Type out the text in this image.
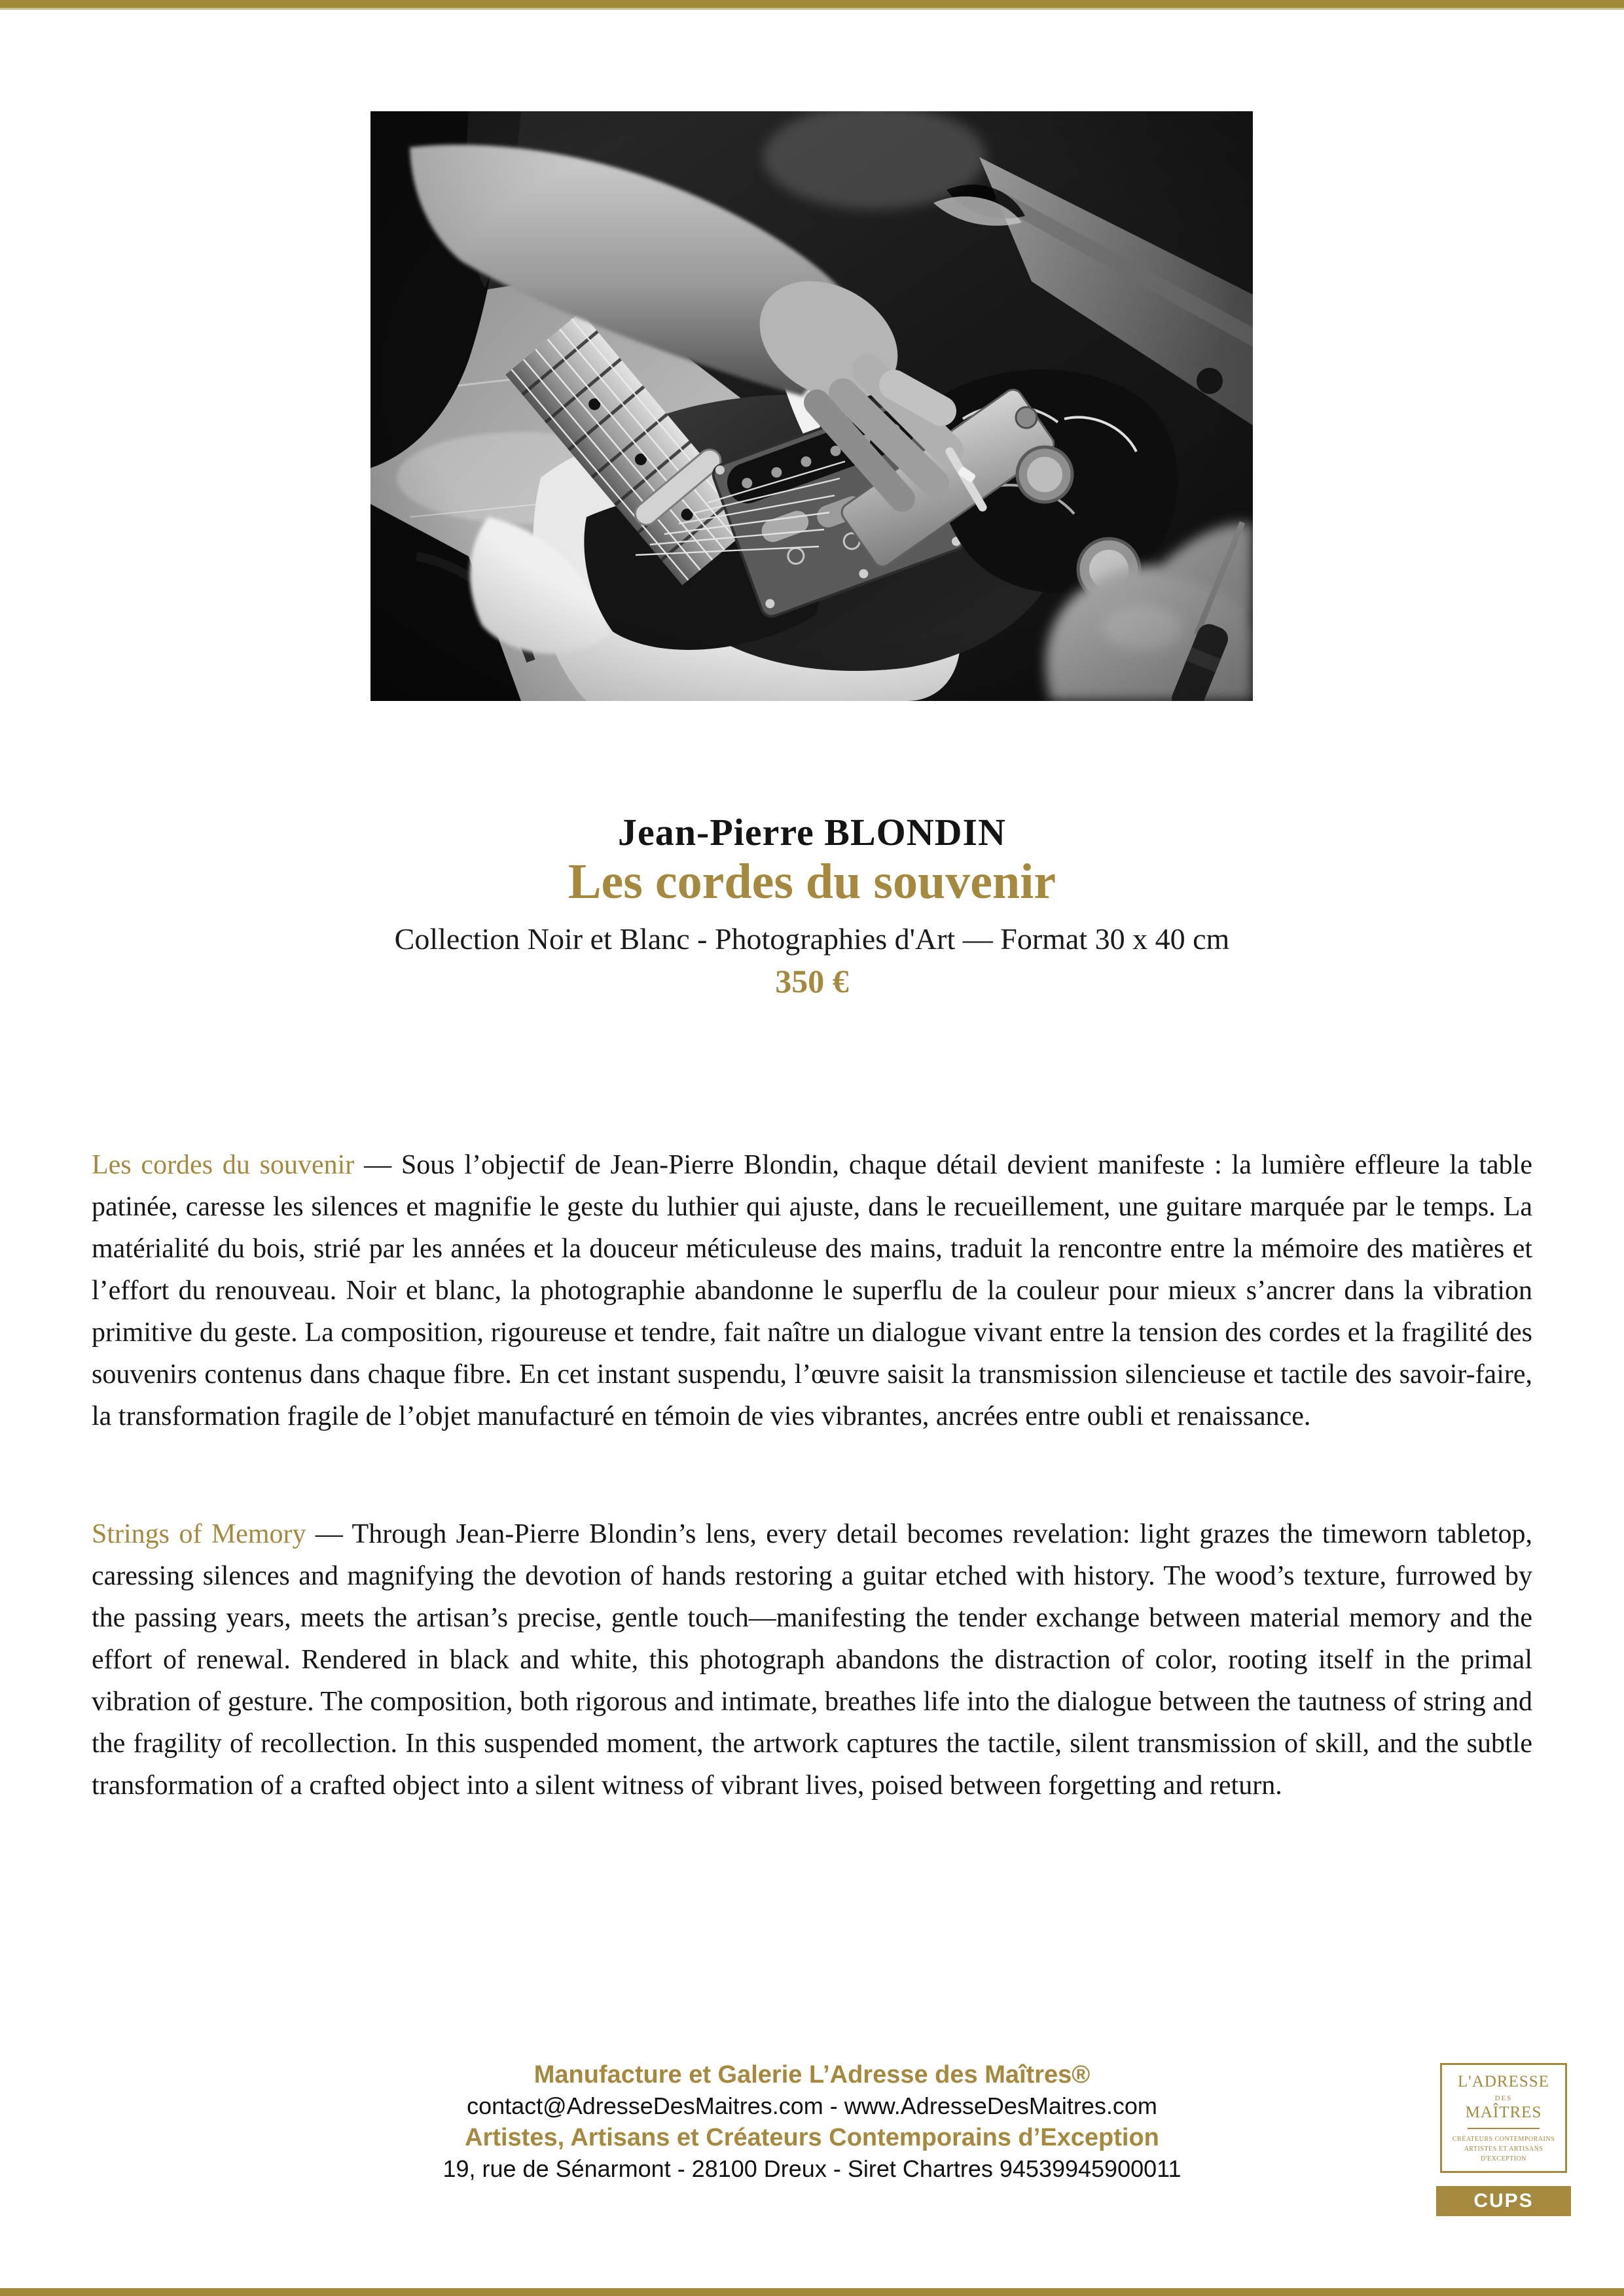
Jean-Pierre BLONDIN
Les cordes du souvenir
Collection Noir et Blanc - Photographies d'Art — Format 30 x 40 cm
350 €

Les cordes du souvenir — Sous l’objectif de Jean-Pierre Blondin, chaque détail devient manifeste : la lumière effleure la table patinée, caresse les silences et magnifie le geste du luthier qui ajuste, dans le recueillement, une guitare marquée par le temps. La matérialité du bois, strié par les années et la douceur méticuleuse des mains, traduit la rencontre entre la mémoire des matières et l’effort du renouveau. Noir et blanc, la photographie abandonne le superflu de la couleur pour mieux s’ancrer dans la vibration primitive du geste. La composition, rigoureuse et tendre, fait naître un dialogue vivant entre la tension des cordes et la fragilité des souvenirs contenus dans chaque fibre. En cet instant suspendu, l’œuvre saisit la transmission silencieuse et tactile des savoir-faire, la transformation fragile de l’objet manufacturé en témoin de vies vibrantes, ancrées entre oubli et renaissance.

Strings of Memory — Through Jean-Pierre Blondin’s lens, every detail becomes revelation: light grazes the timeworn tabletop, caressing silences and magnifying the devotion of hands restoring a guitar etched with history. The wood’s texture, furrowed by the passing years, meets the artisan’s precise, gentle touch—manifesting the tender exchange between material memory and the effort of renewal. Rendered in black and white, this photograph abandons the distraction of color, rooting itself in the primal vibration of gesture. The composition, both rigorous and intimate, breathes life into the dialogue between the tautness of string and the fragility of recollection. In this suspended moment, the artwork captures the tactile, silent transmission of skill, and the subtle transformation of a crafted object into a silent witness of vibrant lives, poised between forgetting and return.

Manufacture et Galerie L’Adresse des Maîtres®
contact@AdresseDesMaitres.com - www.AdresseDesMaitres.com
Artistes, Artisans et Créateurs Contemporains d’Exception
19, rue de Sénarmont - 28100 Dreux - Siret Chartres 94539945900011
L'ADRESSE
DES
MAÎTRES
CRÉATEURS CONTEMPORAINS
ARTISTES ET ARTISANS
D'EXCEPTION
CUPS
